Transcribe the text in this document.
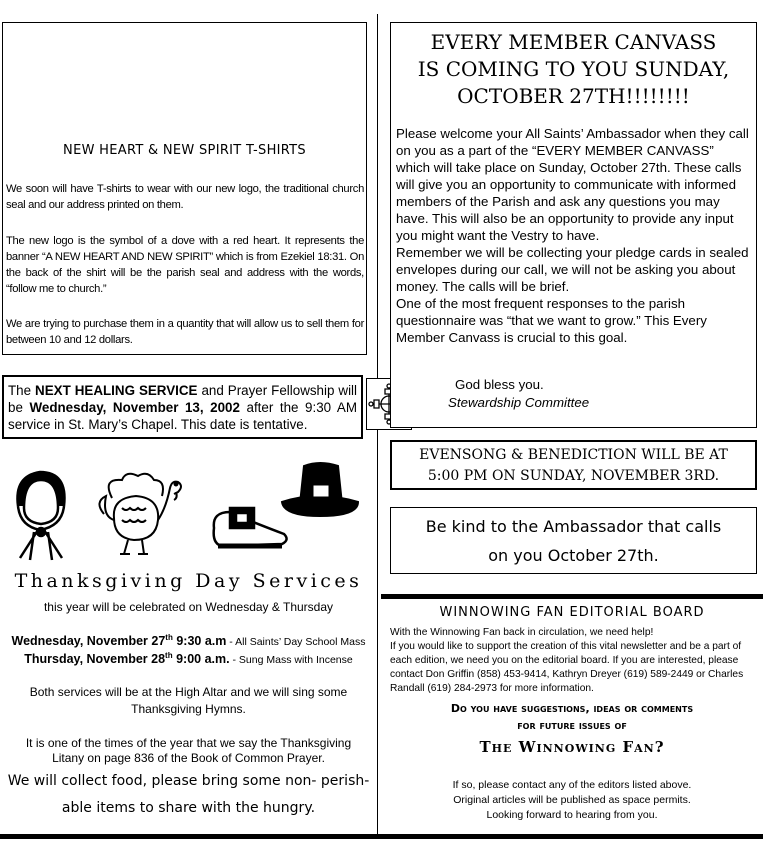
NEW HEART & NEW SPIRIT T-SHIRTS
We soon will have T-shirts to wear with our new logo, the traditional church seal and our address printed on them.
The new logo is the symbol of a dove with a red heart. It represents the banner “A NEW HEART AND NEW SPIRIT” which is from Ezekiel 18:31. On the back of the shirt will be the parish seal and address with the words, “follow me to church.”
We are trying to purchase them in a quantity that will allow us to sell them for between 10 and 12 dollars.
The NEXT HEALING SERVICE and Prayer Fellowship will be Wednesday, November 13, 2002 after the 9:30 AM service in St. Mary’s Chapel. This date is tentative.
Thanksgiving Day Services
this year will be celebrated on Wednesday & Thursday
Wednesday, November 27th 9:30 a.m - All Saints’ Day School Mass
Thursday, November 28th 9:00 a.m. - Sung Mass with Incense
Both services will be at the High Altar and we will sing some
Thanksgiving Hymns.
It is one of the times of the year that we say the Thanksgiving
Litany on page 836 of the Book of Common Prayer.
We will collect food, please bring some non- perish-
able items to share with the hungry.
EVERY MEMBER CANVASS
IS COMING TO YOU SUNDAY,
OCTOBER 27TH!!!!!!!!

Please welcome your All Saints’ Ambassador when they call on you as a part of the “EVERY MEMBER CANVASS” which will take place on Sunday, October 27th. These calls will give you an opportunity to communicate with informed members of the Parish and ask any questions you may have. This will also be an opportunity to provide any input you might want the Vestry to have.

Remember we will be collecting your pledge cards in sealed envelopes during our call, we will not be asking you about money. The calls will be brief.

One of the most frequent responses to the parish questionnaire was “that we want to grow.” This Every Member Canvass is crucial to this goal.

God bless you.
Stewardship Committee
EVENSONG & BENEDICTION WILL BE AT
5:00 PM ON SUNDAY, NOVEMBER 3RD.
Be kind to the Ambassador that calls
on you October 27th.
WINNOWING FAN EDITORIAL BOARD

With the Winnowing Fan back in circulation, we need help!

If you would like to support the creation of this vital newsletter and be a part of each edition, we need you on the editorial board. If you are interested, please contact Don Griffin (858) 453-9414, Kathryn Dreyer (619) 589-2449 or Charles Randall (619) 284-2973 for more information.

Do you have suggestions, ideas or comments
for future issues of
The Winnowing Fan?
If so, please contact any of the editors listed above.
Original articles will be published as space permits.
Looking forward to hearing from you.
